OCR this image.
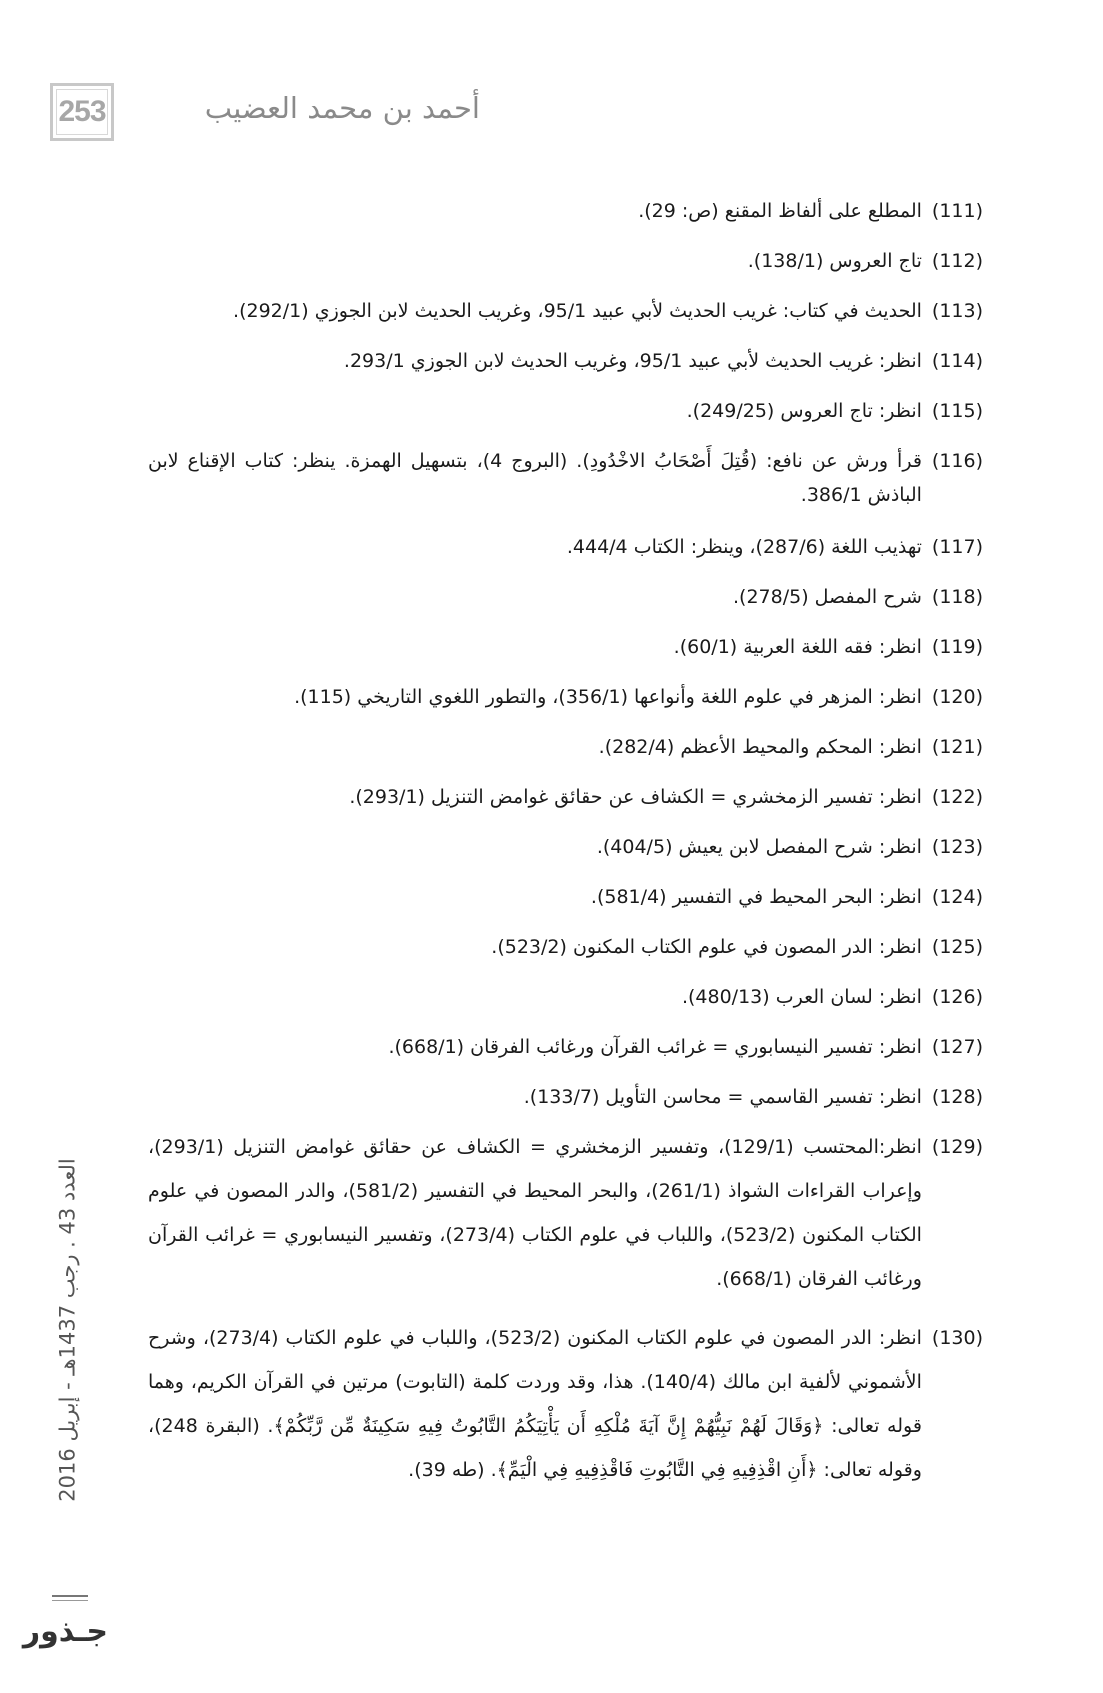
253	أحمد بن محمد العضيب
(111)
المطلع على ألفاظ المقنع (ص: 29).
(112)
تاج العروس (138/1).
(113)
الحديث في كتاب: غريب الحديث لأبي عبيد 95/1، وغريب الحديث لابن الجوزي (292/1).
(114)
انظر: غريب الحديث لأبي عبيد 95/1، وغريب الحديث لابن الجوزي 293/1.
(115)
انظر: تاج العروس (249/25).
(116)
قرأ ورش عن نافع: (قُتِلَ أَصْحَابُ الاخْدُودِ). (البروج 4)، بتسهيل الهمزة. ينظر: كتاب الإقناع لابن الباذش 386/1.
(117)
تهذيب اللغة (287/6)، وينظر: الكتاب 444/4.
(118)
شرح المفصل (278/5).
(119)
انظر: فقه اللغة العربية (60/1).
(120)
انظر: المزهر في علوم اللغة وأنواعها (356/1)، والتطور اللغوي التاريخي (115).
(121)
انظر: المحكم والمحيط الأعظم (282/4).
(122)
انظر: تفسير الزمخشري = الكشاف عن حقائق غوامض التنزيل (293/1).
(123)
انظر: شرح المفصل لابن يعيش (404/5).
(124)
انظر: البحر المحيط في التفسير (581/4).
(125)
انظر: الدر المصون في علوم الكتاب المكنون (523/2).
(126)
انظر: لسان العرب (480/13).
(127)
انظر: تفسير النيسابوري = غرائب القرآن ورغائب الفرقان (668/1).
(128)
انظر: تفسير القاسمي = محاسن التأويل (133/7).
(129)
انظر:المحتسب (129/1)، وتفسير الزمخشري = الكشاف عن حقائق غوامض التنزيل (293/1)، وإعراب القراءات الشواذ (261/1)، والبحر المحيط في التفسير (581/2)، والدر المصون في علوم الكتاب المكنون (523/2)، واللباب في علوم الكتاب (273/4)، وتفسير النيسابوري = غرائب القرآن ورغائب الفرقان (668/1).
(130)
انظر: الدر المصون في علوم الكتاب المكنون (523/2)، واللباب في علوم الكتاب (273/4)، وشرح الأشموني لألفية ابن مالك (140/4). هذا، وقد وردت كلمة (التابوت) مرتين في القرآن الكريم، وهما قوله تعالى: ﴿وَقَالَ لَهُمْ نَبِيُّهُمْ إِنَّ آيَةَ مُلْكِهِ أَن يَأْتِيَكُمُ التَّابُوتُ فِيهِ سَكِينَةٌ مِّن رَّبِّكُمْ﴾. (البقرة 248)، وقوله تعالى: ﴿أَنِ اقْذِفِيهِ فِي التَّابُوتِ فَاقْذِفِيهِ فِي الْيَمِّ﴾. (طه 39).
العدد 43 . رجب 1437هـ - إبريل 2016
جـذور
